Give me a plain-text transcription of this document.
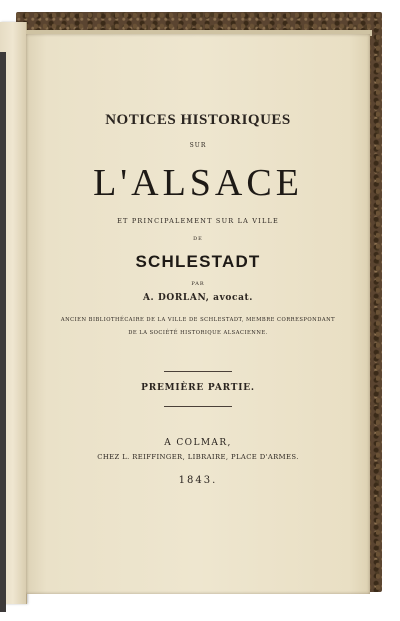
NOTICES HISTORIQUES
SUR
L'ALSACE
ET PRINCIPALEMENT SUR LA VILLE
DE
SCHLESTADT
PAR
A. DORLAN, avocat.
ANCIEN BIBLIOTHÉCAIRE DE LA VILLE DE SCHLESTADT, MEMBRE CORRESPONDANT
DE LA SOCIÉTÉ HISTORIQUE ALSACIENNE.
PREMIÈRE PARTIE.
A COLMAR,
CHEZ L. REIFFINGER, LIBRAIRE, PLACE D'ARMES.
1843.
